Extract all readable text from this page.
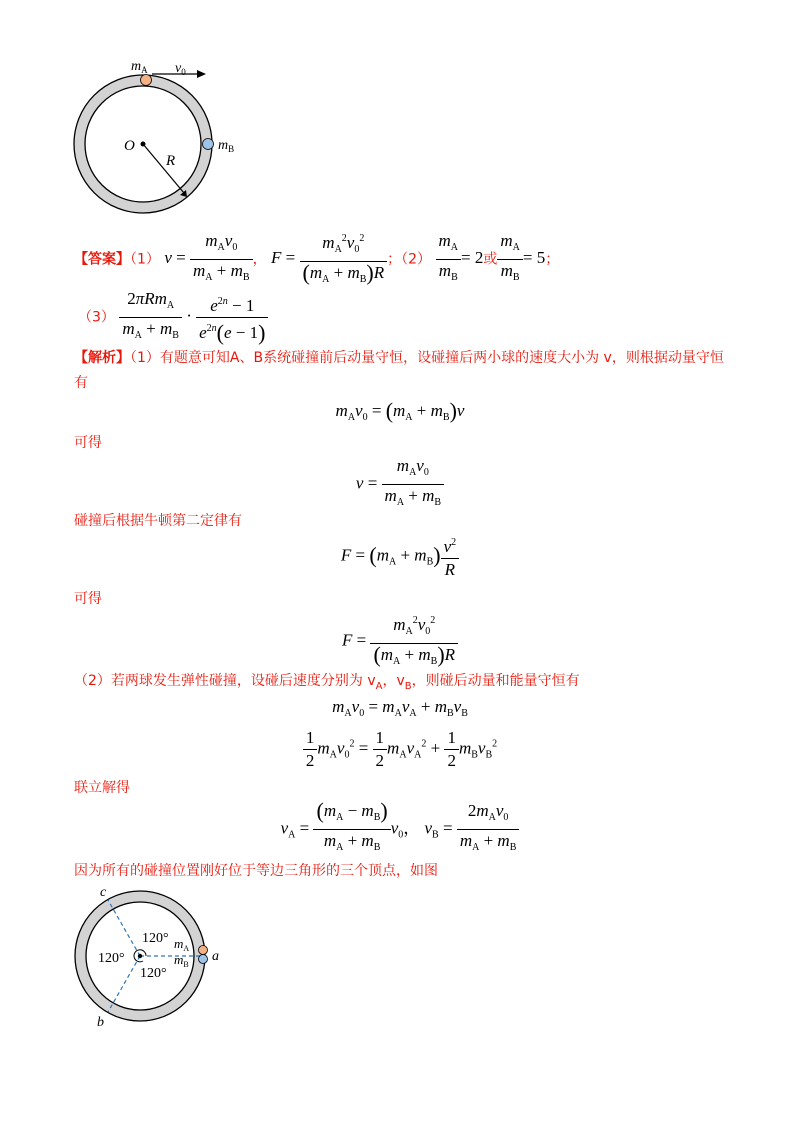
$m_A$ $v_0$
O
R
$m_B$
【答案】（1） $v = \frac{m_Av_0}{m_A + m_B}$ ， $F = \frac{m_A^2v_0^2}{(m_A + m_B)R}$ ；$(2) \frac{m_A}{m_B} = 2$或 $\frac{m_A}{m_B} = 5$；
$(3) \frac{2\pi Rm_A}{m_A + m_B} \cdot \frac{e^{2n} - 1}{e^{2n}(e - 1)}$
【解析】（1）有题意可知A、B系统碰撞前后动量守恒，设碰撞后两小球的速度大小为 v，则根据动量守恒
有
$m_Av_0 = (m_A + m_B)v$
可得
$v = \frac{m_Av_0}{m_A + m_B}$
碰撞后根据牛顿第二定律有
$F = (m_A + m_B) \frac{v^2}{R}$
可得
$F = \frac{m_A^2v_0^2}{(m_A + m_B)R}$
（2）若两球发生弹性碰撞，设碰后速度分别为 $v_A$，$v_B$，则碰后动量和能量守恒有
$m_Av_0 = m_Av_A + m_Bv_B$
$\frac{1}{2} m_Av_0^2 = \frac{1}{2} m_Av_A^2 + \frac{1}{2} m_Bv_B^2$
联立解得
$v_A = \frac{(m_A - m_B)}{m_A + m_B} v_0$， $v_B = \frac{2m_Av_0}{m_A + m_B}$
因为所有的碰撞位置刚好位于等边三角形的三个顶点，如图
c
b
a
120°
120°
120°
$m_A$
$m_B$
